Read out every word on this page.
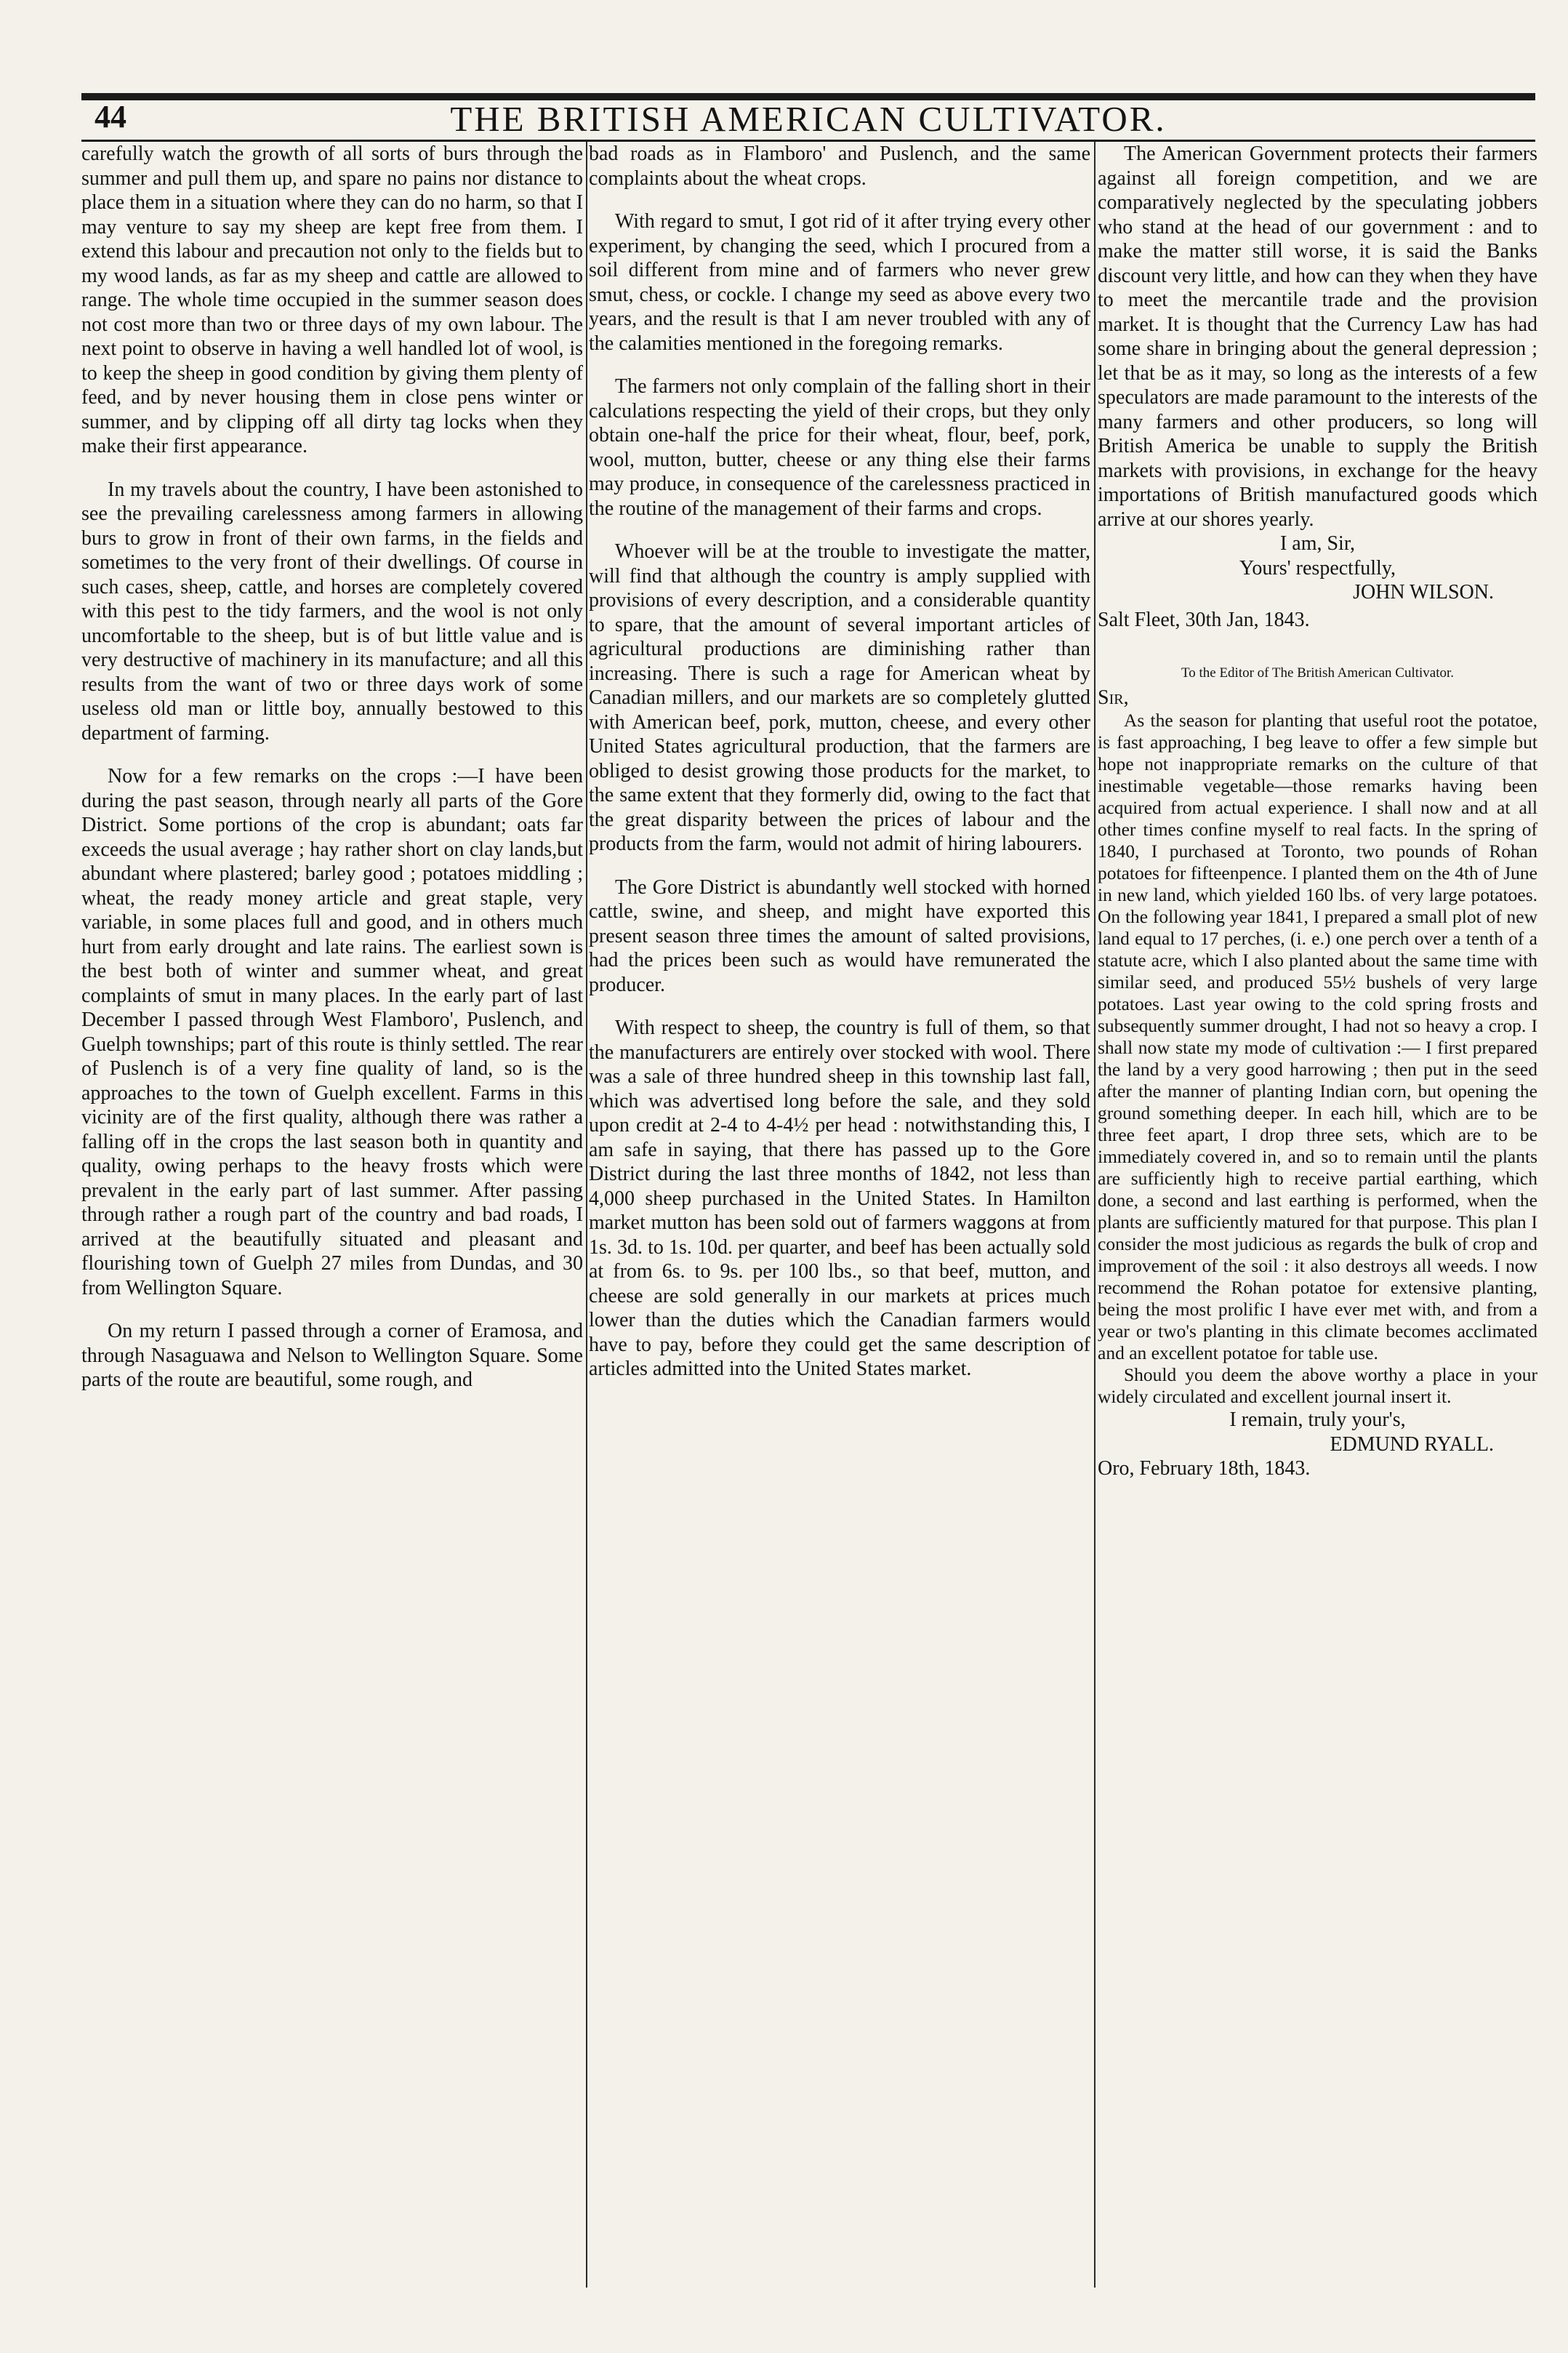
44	THE BRITISH AMERICAN CULTIVATOR.

carefully watch the growth of all sorts of burs through the summer and pull them up, and spare no pains nor distance to place them in a situation where they can do no harm, so that I may venture to say my sheep are kept free from them. I extend this labour and precaution not only to the fields but to my wood lands, as far as my sheep and cattle are allowed to range. The whole time occupied in the summer season does not cost more than two or three days of my own labour. The next point to observe in having a well handled lot of wool, is to keep the sheep in good condition by giving them plenty of feed, and by never housing them in close pens winter or summer, and by clipping off all dirty tag locks when they make their first appearance.

In my travels about the country, I have been astonished to see the prevailing carelessness among farmers in allowing burs to grow in front of their own farms, in the fields and sometimes to the very front of their dwellings. Of course in such cases, sheep, cattle, and horses are completely covered with this pest to the tidy farmers, and the wool is not only uncomfortable to the sheep, but is of but little value and is very destructive of machinery in its manufacture; and all this results from the want of two or three days work of some useless old man or little boy, annually bestowed to this department of farming.

Now for a few remarks on the crops :—I have been during the past season, through nearly all parts of the Gore District. Some portions of the crop is abundant; oats far exceeds the usual average ; hay rather short on clay lands,but abundant where plastered; barley good ; potatoes middling ; wheat, the ready money article and great staple, very variable, in some places full and good, and in others much hurt from early drought and late rains. The earliest sown is the best both of winter and summer wheat, and great complaints of smut in many places. In the early part of last December I passed through West Flamboro', Puslench, and Guelph townships; part of this route is thinly settled. The rear of Puslench is of a very fine quality of land, so is the approaches to the town of Guelph excellent. Farms in this vicinity are of the first quality, although there was rather a falling off in the crops the last season both in quantity and quality, owing perhaps to the heavy frosts which were prevalent in the early part of last summer. After passing through rather a rough part of the country and bad roads, I arrived at the beautifully situated and pleasant and flourishing town of Guelph 27 miles from Dundas, and 30 from Wellington Square.

On my return I passed through a corner of Eramosa, and through Nasaguawa and Nelson to Wellington Square. Some parts of the route are beautiful, some rough, and

bad roads as in Flamboro' and Puslench, and the same complaints about the wheat crops.

With regard to smut, I got rid of it after trying every other experiment, by changing the seed, which I procured from a soil different from mine and of farmers who never grew smut, chess, or cockle. I change my seed as above every two years, and the result is that I am never troubled with any of the calamities mentioned in the foregoing remarks.

The farmers not only complain of the falling short in their calculations respecting the yield of their crops, but they only obtain one-half the price for their wheat, flour, beef, pork, wool, mutton, butter, cheese or any thing else their farms may produce, in consequence of the carelessness practiced in the routine of the management of their farms and crops.

Whoever will be at the trouble to investigate the matter, will find that although the country is amply supplied with provisions of every description, and a considerable quantity to spare, that the amount of several important articles of agricultural productions are diminishing rather than increasing. There is such a rage for American wheat by Canadian millers, and our markets are so completely glutted with American beef, pork, mutton, cheese, and every other United States agricultural production, that the farmers are obliged to desist growing those products for the market, to the same extent that they formerly did, owing to the fact that the great disparity between the prices of labour and the products from the farm, would not admit of hiring labourers.

The Gore District is abundantly well stocked with horned cattle, swine, and sheep, and might have exported this present season three times the amount of salted provisions, had the prices been such as would have remunerated the producer.

With respect to sheep, the country is full of them, so that the manufacturers are entirely over stocked with wool. There was a sale of three hundred sheep in this township last fall, which was advertised long before the sale, and they sold upon credit at 2-4 to 4-4½ per head : notwithstanding this, I am safe in saying, that there has passed up to the Gore District during the last three months of 1842, not less than 4,000 sheep purchased in the United States. In Hamilton market mutton has been sold out of farmers waggons at from 1s. 3d. to 1s. 10d. per quarter, and beef has been actually sold at from 6s. to 9s. per 100 lbs., so that beef, mutton, and cheese are sold generally in our markets at prices much lower than the duties which the Canadian farmers would have to pay, before they could get the same description of articles admitted into the United States market.

The American Government protects their farmers against all foreign competition, and we are comparatively neglected by the speculating jobbers who stand at the head of our government : and to make the matter still worse, it is said the Banks discount very little, and how can they when they have to meet the mercantile trade and the provision market. It is thought that the Currency Law has had some share in bringing about the general depression ; let that be as it may, so long as the interests of a few speculators are made paramount to the interests of the many farmers and other producers, so long will British America be unable to supply the British markets with provisions, in exchange for the heavy importations of British manufactured goods which arrive at our shores yearly.

I am, Sir,
Yours' respectfully,
JOHN WILSON.
Salt Fleet, 30th Jan, 1843.
To the Editor of The British American Cultivator.
Sir,

As the season for planting that useful root the potatoe, is fast approaching, I beg leave to offer a few simple but hope not inappropriate remarks on the culture of that inestimable vegetable—those remarks having been acquired from actual experience. I shall now and at all other times confine myself to real facts. In the spring of 1840, I purchased at Toronto, two pounds of Rohan potatoes for fifteenpence. I planted them on the 4th of June in new land, which yielded 160 lbs. of very large potatoes. On the following year 1841, I prepared a small plot of new land equal to 17 perches, (i. e.) one perch over a tenth of a statute acre, which I also planted about the same time with similar seed, and produced 55½ bushels of very large potatoes. Last year owing to the cold spring frosts and subsequently summer drought, I had not so heavy a crop. I shall now state my mode of cultivation :— I first prepared the land by a very good harrowing ; then put in the seed after the manner of planting Indian corn, but opening the ground something deeper. In each hill, which are to be three feet apart, I drop three sets, which are to be immediately covered in, and so to remain until the plants are sufficiently high to receive partial earthing, which done, a second and last earthing is performed, when the plants are sufficiently matured for that purpose. This plan I consider the most judicious as regards the bulk of crop and improvement of the soil : it also destroys all weeds. I now recommend the Rohan potatoe for extensive planting, being the most prolific I have ever met with, and from a year or two's planting in this climate becomes acclimated and an excellent potatoe for table use.

Should you deem the above worthy a place in your widely circulated and excellent journal insert it.

I remain, truly your's,
EDMUND RYALL.
Oro, February 18th, 1843.
